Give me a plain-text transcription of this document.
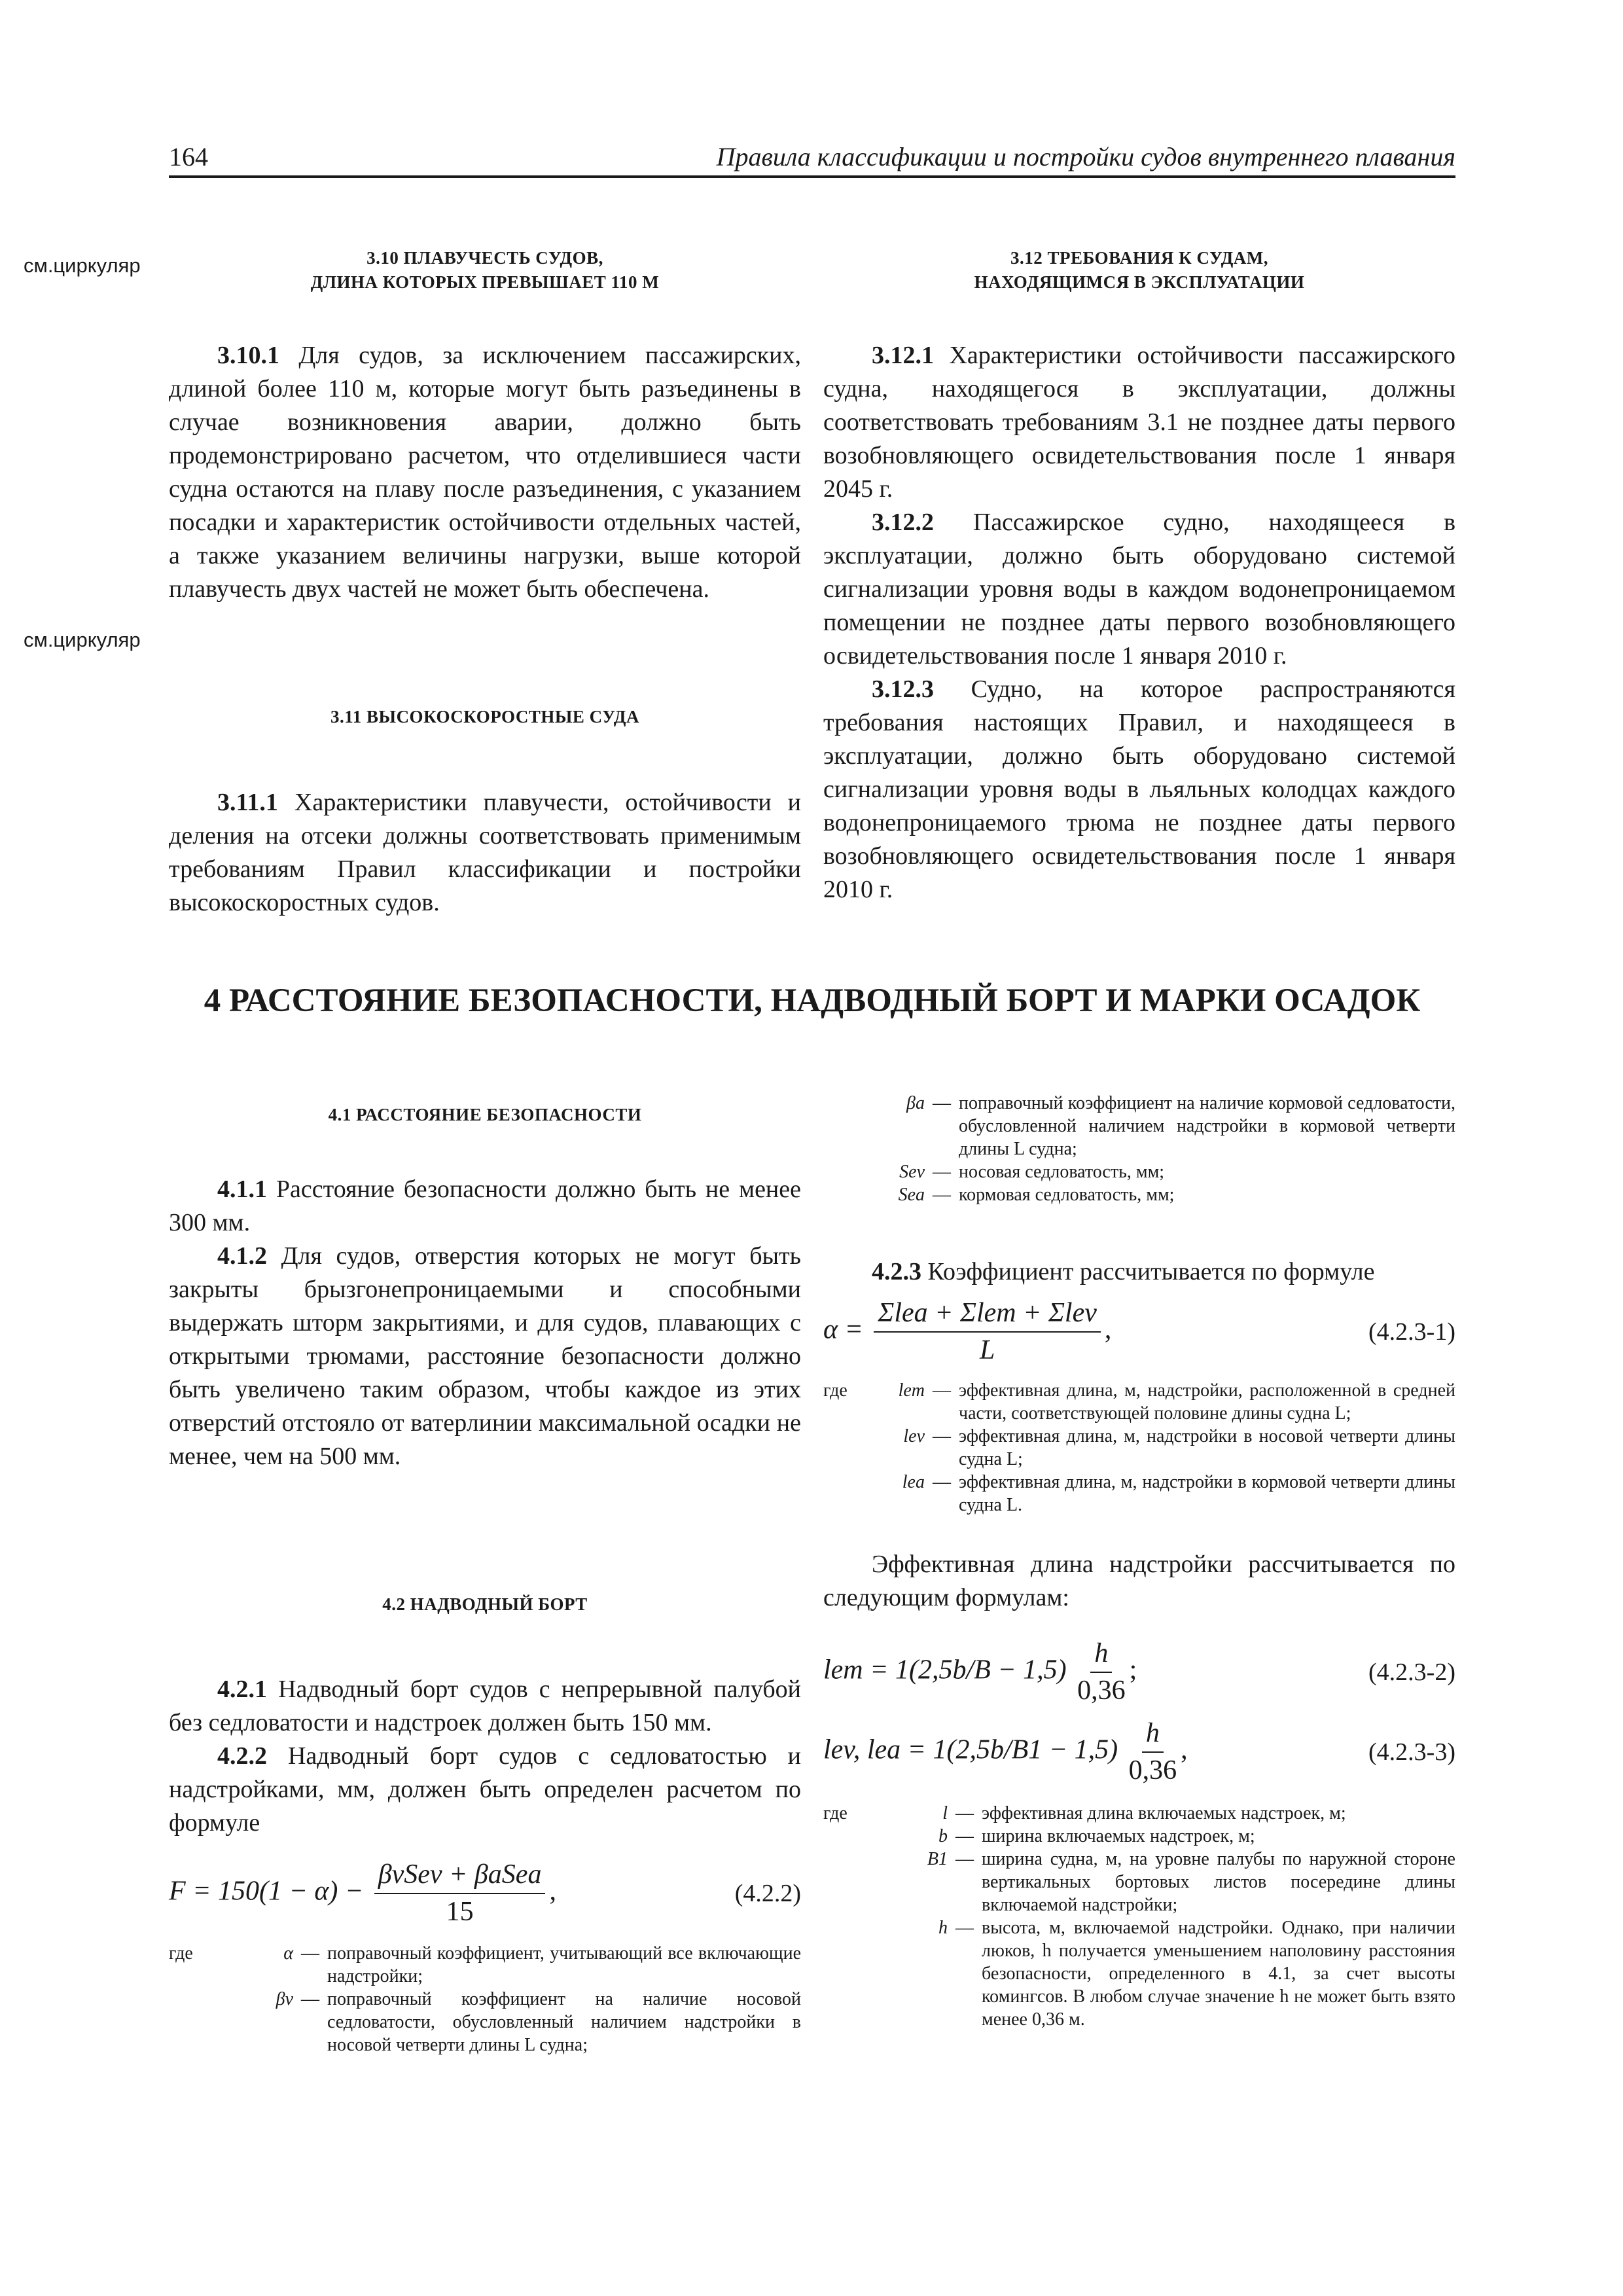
164	Правила классификации и постройки судов внутреннего плавания
см.циркуляр
см.циркуляр
3.10 ПЛАВУЧЕСТЬ СУДОВ,
ДЛИНА КОТОРЫХ ПРЕВЫШАЕТ 110 М

3.10.1 Для судов, за исключением пассажирских, длиной более 110 м, которые могут быть разъединены в случае возникновения аварии, должно быть продемонстрировано расчетом, что отделившиеся части судна остаются на плаву после разъединения, с указанием посадки и характеристик остойчивости отдельных частей, а также указанием величины нагрузки, выше которой плавучесть двух частей не может быть обеспечена.

3.11 ВЫСОКОСКОРОСТНЫЕ СУДА

3.11.1 Характеристики плавучести, остойчивости и деления на отсеки должны соответствовать применимым требованиям Правил классификации и постройки высокоскоростных судов.

3.12 ТРЕБОВАНИЯ К СУДАМ,
НАХОДЯЩИМСЯ В ЭКСПЛУАТАЦИИ

3.12.1 Характеристики остойчивости пассажирского судна, находящегося в эксплуатации, должны соответствовать требованиям 3.1 не позднее даты первого возобновляющего освидетельствования после 1 января 2045 г.

3.12.2 Пассажирское судно, находящееся в эксплуатации, должно быть оборудовано системой сигнализации уровня воды в каждом водонепроницаемом помещении не позднее даты первого возобновляющего освидетельствования после 1 января 2010 г.

3.12.3 Судно, на которое распространяются требования настоящих Правил, и находящееся в эксплуатации, должно быть оборудовано системой сигнализации уровня воды в льяльных колодцах каждого водонепроницаемого трюма не позднее даты первого возобновляющего освидетельствования после 1 января 2010 г.

4 РАССТОЯНИЕ БЕЗОПАСНОСТИ, НАДВОДНЫЙ БОРТ И МАРКИ ОСАДОК
4.1 РАССТОЯНИЕ БЕЗОПАСНОСТИ

4.1.1 Расстояние безопасности должно быть не менее 300 мм.

4.1.2 Для судов, отверстия которых не могут быть закрыты брызгонепроницаемыми и способными выдержать шторм закрытиями, и для судов, плавающих с открытыми трюмами, расстояние безопасности должно быть увеличено таким образом, чтобы каждое из этих отверстий отстояло от ватерлинии максимальной осадки не менее, чем на 500 мм.

4.2 НАДВОДНЫЙ БОРТ

4.2.1 Надводный борт судов с непрерывной палубой без седловатости и надстроек должен быть 150 мм.

4.2.2 Надводный борт судов с седловатостью и надстройками, мм, должен быть определен расчетом по формуле

$F = 150(1 - \alpha) - \frac{\text{βvSev + βaSea}}{15}$ ,	(4.2.2)
где	α — поправочный коэффициент, учитывающий все включающие надстройки;
βv — поправочный коэффициент на наличие носовой седловатости, обусловленный наличием надстройки в носовой четверти длины L судна;
βa — поправочный коэффициент на наличие кормовой седловатости, обусловленной наличием надстройки в кормовой четверти длины L судна;
Sev — носовая седловатость, мм;
Sea — кормовая седловатость, мм;

4.2.3 Коэффициент рассчитывается по формуле

$\alpha = \frac{\text{Σlea + Σlem + Σlev}}{L}$ ,	(4.2.3-1)
где	lem — эффективная длина, м, надстройки, расположенной в средней части, соответствующей половине длины судна L;
lev — эффективная длина, м, надстройки в носовой четверти длины судна L;
lea — эффективная длина, м, надстройки в кормовой четверти длины судна L.

Эффективная длина надстройки рассчитывается по следующим формулам:

lem = $1(2,5b/B - 1,5) \frac{h}{0,36}$ ;	(4.2.3-2)
lev, lea = $1(2,5b/B1 - 1,5) \frac{h}{0,36}$ ,	(4.2.3-3)
где	l — эффективная длина включаемых надстроек, м;
b — ширина включаемых надстроек, м;
B1 — ширина судна, м, на уровне палубы по наружной стороне вертикальных бортовых листов посередине длины включаемой надстройки;
h — высота, м, включаемой надстройки. Однако, при наличии люков, h получается уменьшением наполовину расстояния безопасности, определенного в 4.1, за счет высоты комингсов. В любом случае значение h не может быть взято менее 0,36 м.
